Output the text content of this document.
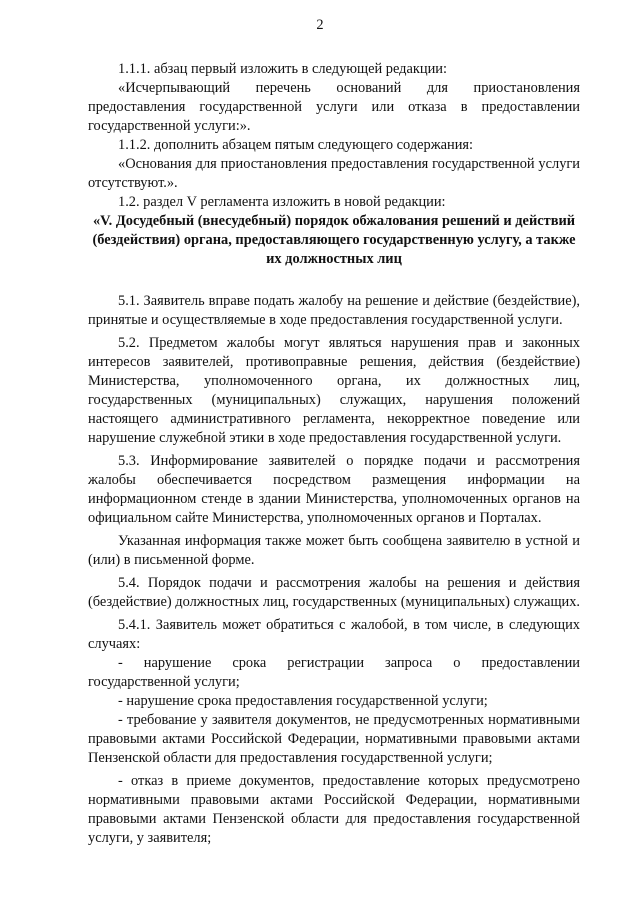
2

1.1.1. абзац первый изложить в следующей редакции:

«Исчерпывающий перечень оснований для приостановления предоставления государственной услуги или отказа в предоставлении государственной услуги:».

1.1.2. дополнить абзацем пятым следующего содержания:

«Основания для приостановления предоставления государственной услуги отсутствуют.».

1.2. раздел V регламента изложить в новой редакции:

«V. Досудебный (внесудебный) порядок обжалования решений и действий (бездействия) органа, предоставляющего государственную услугу, а также их должностных лиц

5.1. Заявитель вправе подать жалобу на решение и действие (бездействие), принятые и осуществляемые в ходе предоставления государственной услуги.

5.2. Предметом жалобы могут являться нарушения прав и законных интересов заявителей, противоправные решения, действия (бездействие) Министерства, уполномоченного органа, их должностных лиц, государственных (муниципальных) служащих, нарушения положений настоящего административного регламента, некорректное поведение или нарушение служебной этики в ходе предоставления государственной услуги.

5.3. Информирование заявителей о порядке подачи и рассмотрения жалобы обеспечивается посредством размещения информации на информационном стенде в здании Министерства, уполномоченных органов на официальном сайте Министерства, уполномоченных органов и Порталах.

Указанная информация также может быть сообщена заявителю в устной и (или) в письменной форме.

5.4. Порядок подачи и рассмотрения жалобы на решения и действия (бездействие) должностных лиц, государственных (муниципальных) служащих.

5.4.1. Заявитель может обратиться с жалобой, в том числе, в следующих случаях:

- нарушение срока регистрации запроса о предоставлении государственной услуги;

- нарушение срока предоставления государственной услуги;

- требование у заявителя документов, не предусмотренных нормативными правовыми актами Российской Федерации, нормативными правовыми актами Пензенской области для предоставления государственной услуги;

- отказ в приеме документов, предоставление которых предусмотрено нормативными правовыми актами Российской Федерации, нормативными правовыми актами Пензенской области для предоставления государственной услуги, у заявителя;
